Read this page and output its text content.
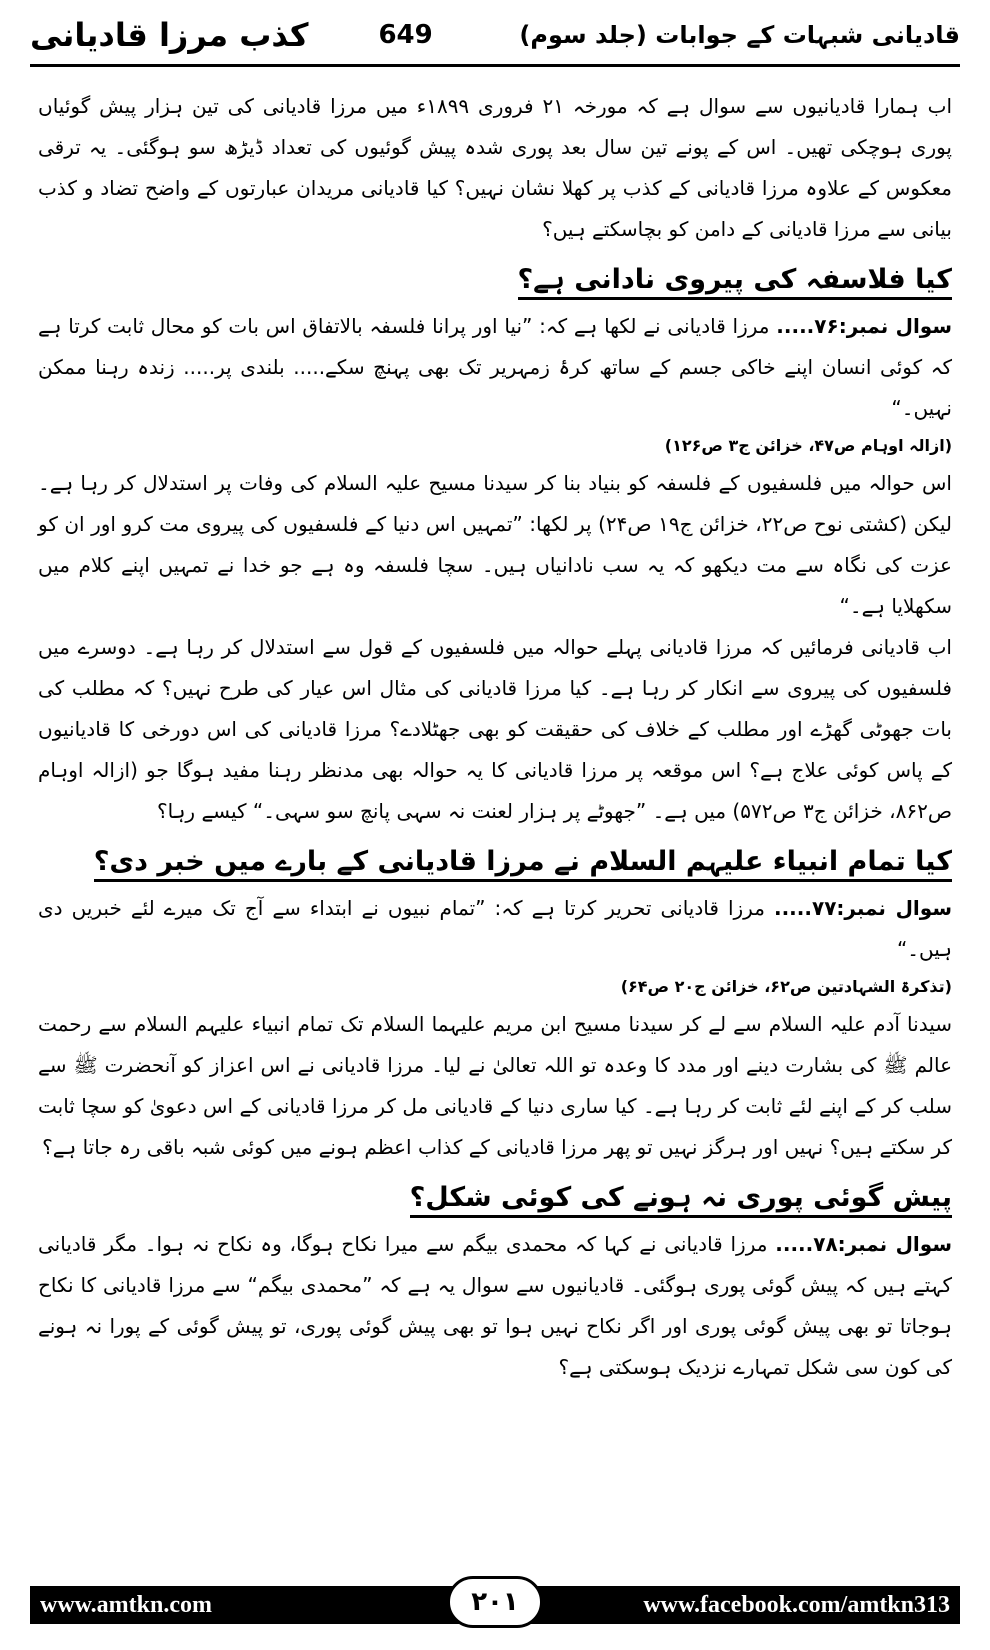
کذب مرزا قادیانی	649	قادیانی شبہات کے جوابات (جلد سوم)

اب ہمارا قادیانیوں سے سوال ہے کہ مورخہ ۲۱ فروری ۱۸۹۹ء میں مرزا قادیانی کی تین ہزار پیش گوئیاں پوری ہوچکی تھیں۔ اس کے پونے تین سال بعد پوری شدہ پیش گوئیوں کی تعداد ڈیڑھ سو ہوگئی۔ یہ ترقی معکوس کے علاوہ مرزا قادیانی کے کذب پر کھلا نشان نہیں؟ کیا قادیانی مریدان عبارتوں کے واضح تضاد و کذب بیانی سے مرزا قادیانی کے دامن کو بچاسکتے ہیں؟

کیا فلاسفہ کی پیروی نادانی ہے؟

سوال نمبر:۷۶..... مرزا قادیانی نے لکھا ہے کہ: ”نیا اور پرانا فلسفہ بالاتفاق اس بات کو محال ثابت کرتا ہے کہ کوئی انسان اپنے خاکی جسم کے ساتھ کرۂ زمہریر تک بھی پہنچ سکے..... بلندی پر..... زندہ رہنا ممکن نہیں۔“

(ازالہ اوہام ص۴۷، خزائن ج۳ ص۱۲۶)

اس حوالہ میں فلسفیوں کے فلسفہ کو بنیاد بنا کر سیدنا مسیح علیہ السلام کی وفات پر استدلال کر رہا ہے۔ لیکن (کشتی نوح ص۲۲، خزائن ج۱۹ ص۲۴) پر لکھا: ”تمہیں اس دنیا کے فلسفیوں کی پیروی مت کرو اور ان کو عزت کی نگاہ سے مت دیکھو کہ یہ سب نادانیاں ہیں۔ سچا فلسفہ وہ ہے جو خدا نے تمہیں اپنے کلام میں سکھلایا ہے۔“

اب قادیانی فرمائیں کہ مرزا قادیانی پہلے حوالہ میں فلسفیوں کے قول سے استدلال کر رہا ہے۔ دوسرے میں فلسفیوں کی پیروی سے انکار کر رہا ہے۔ کیا مرزا قادیانی کی مثال اس عیار کی طرح نہیں؟ کہ مطلب کی بات جھوٹی گھڑے اور مطلب کے خلاف کی حقیقت کو بھی جھٹلادے؟ مرزا قادیانی کی اس دورخی کا قادیانیوں کے پاس کوئی علاج ہے؟ اس موقعہ پر مرزا قادیانی کا یہ حوالہ بھی مدنظر رہنا مفید ہوگا جو (ازالہ اوہام ص۸۶۲، خزائن ج۳ ص۵۷۲) میں ہے۔ ”جھوٹے پر ہزار لعنت نہ سہی پانچ سو سہی۔“ کیسے رہا؟

کیا تمام انبیاء علیہم السلام نے مرزا قادیانی کے بارے میں خبر دی؟

سوال نمبر:۷۷..... مرزا قادیانی تحریر کرتا ہے کہ: ”تمام نبیوں نے ابتداء سے آج تک میرے لئے خبریں دی ہیں۔“

(تذکرۃ الشہادتین ص۶۲، خزائن ج۲۰ ص۶۴)

سیدنا آدم علیہ السلام سے لے کر سیدنا مسیح ابن مریم علیہما السلام تک تمام انبیاء علیہم السلام سے رحمت عالم ﷺ کی بشارت دینے اور مدد کا وعدہ تو اللہ تعالیٰ نے لیا۔ مرزا قادیانی نے اس اعزاز کو آنحضرت ﷺ سے سلب کر کے اپنے لئے ثابت کر رہا ہے۔ کیا ساری دنیا کے قادیانی مل کر مرزا قادیانی کے اس دعویٰ کو سچا ثابت کر سکتے ہیں؟ نہیں اور ہرگز نہیں تو پھر مرزا قادیانی کے کذاب اعظم ہونے میں کوئی شبہ باقی رہ جاتا ہے؟

پیش گوئی پوری نہ ہونے کی کوئی شکل؟

سوال نمبر:۷۸..... مرزا قادیانی نے کہا کہ محمدی بیگم سے میرا نکاح ہوگا، وہ نکاح نہ ہوا۔ مگر قادیانی کہتے ہیں کہ پیش گوئی پوری ہوگئی۔ قادیانیوں سے سوال یہ ہے کہ ”محمدی بیگم“ سے مرزا قادیانی کا نکاح ہوجاتا تو بھی پیش گوئی پوری اور اگر نکاح نہیں ہوا تو بھی پیش گوئی پوری، تو پیش گوئی کے پورا نہ ہونے کی کون سی شکل تمہارے نزدیک ہوسکتی ہے؟

www.amtkn.com	۲۰۱	www.facebook.com/amtkn313
